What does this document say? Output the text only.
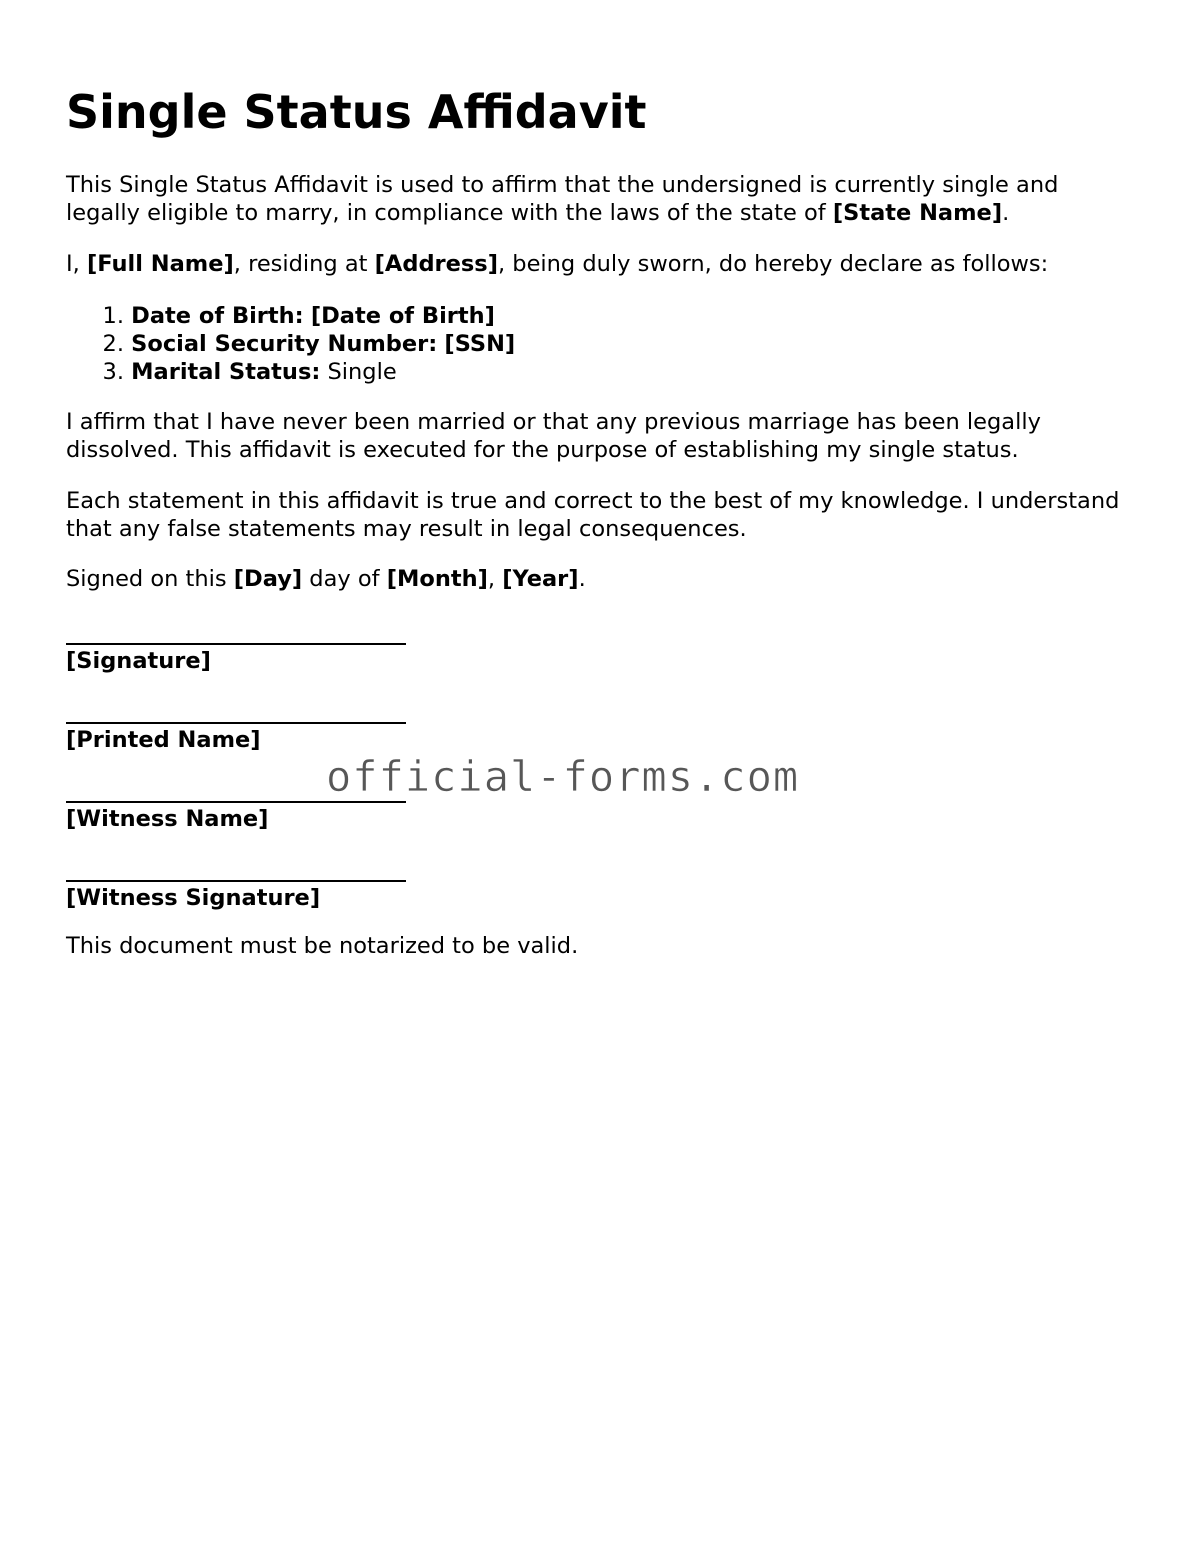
Single Status Affidavit

This Single Status Affidavit is used to affirm that the undersigned is currently single and legally eligible to marry, in compliance with the laws of the state of [State Name].

I, [Full Name], residing at [Address], being duly sworn, do hereby declare as follows:

1. Date of Birth: [Date of Birth]
2. Social Security Number: [SSN]
3. Marital Status: Single

I affirm that I have never been married or that any previous marriage has been legally dissolved. This affidavit is executed for the purpose of establishing my single status.

Each statement in this affidavit is true and correct to the best of my knowledge. I understand that any false statements may result in legal consequences.

Signed on this [Day] day of [Month], [Year].

[Signature]
[Printed Name]
[Witness Name]
[Witness Signature]

This document must be notarized to be valid.

official-forms.com
